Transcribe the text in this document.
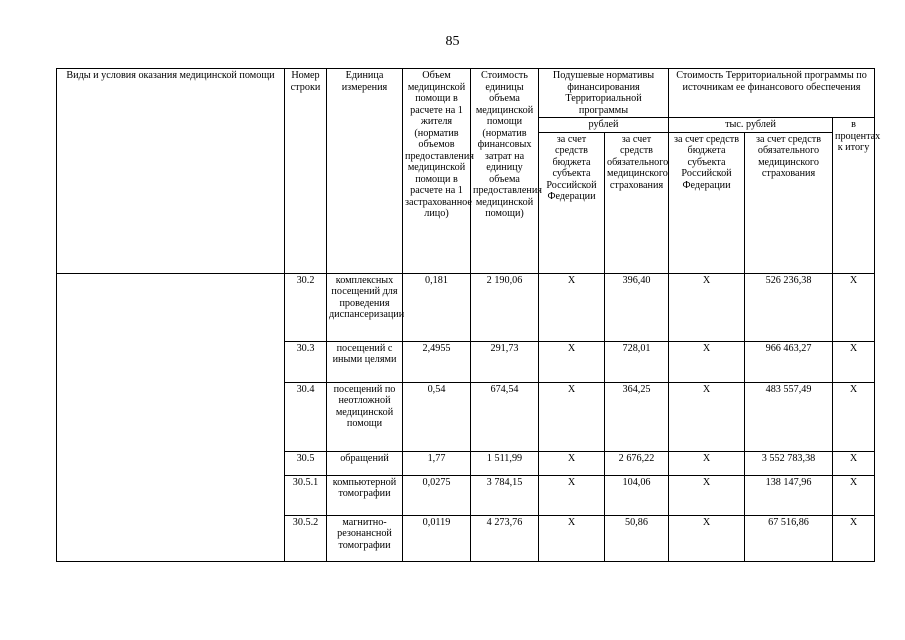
85
Виды и условия оказания медицинской помощи	Номер строки	Единица измерения	Объем медицинской помощи в расчете на 1 жителя (норматив объемов предоставления медицинской помощи в расчете на 1 застрахованное лицо)	Стоимость единицы объема медицинской помощи (норматив финансовых затрат на единицу объема предоставления медицинской помощи)	Подушевые нормативы финансирования Территориальной программы		Стоимость Территориальной программы по источникам ее финансового обеспечения		
					рублей		тыс. рублей		в процентах к итогу
					за счет средств бюджета субъекта Российской Федерации	за счет средств обязательного медицинского страхования	за счет средств бюджета субъекта Российской Федерации	за счет средств обязательного медицинского страхования	
	30.2	комплексных посещений для проведения диспансеризации	0,181	2 190,06	X	396,40	X	526 236,38	X
	30.3	посещений с иными целями	2,4955	291,73	X	728,01	X	966 463,27	X
	30.4	посещений по неотложной медицинской помощи	0,54	674,54	X	364,25	X	483 557,49	X
	30.5	обращений	1,77	1 511,99	X	2 676,22	X	3 552 783,38	X
	30.5.1	компьютерной томографии	0,0275	3 784,15	X	104,06	X	138 147,96	X
	30.5.2	магнитно-резонансной томографии	0,0119	4 273,76	X	50,86	X	67 516,86	X
